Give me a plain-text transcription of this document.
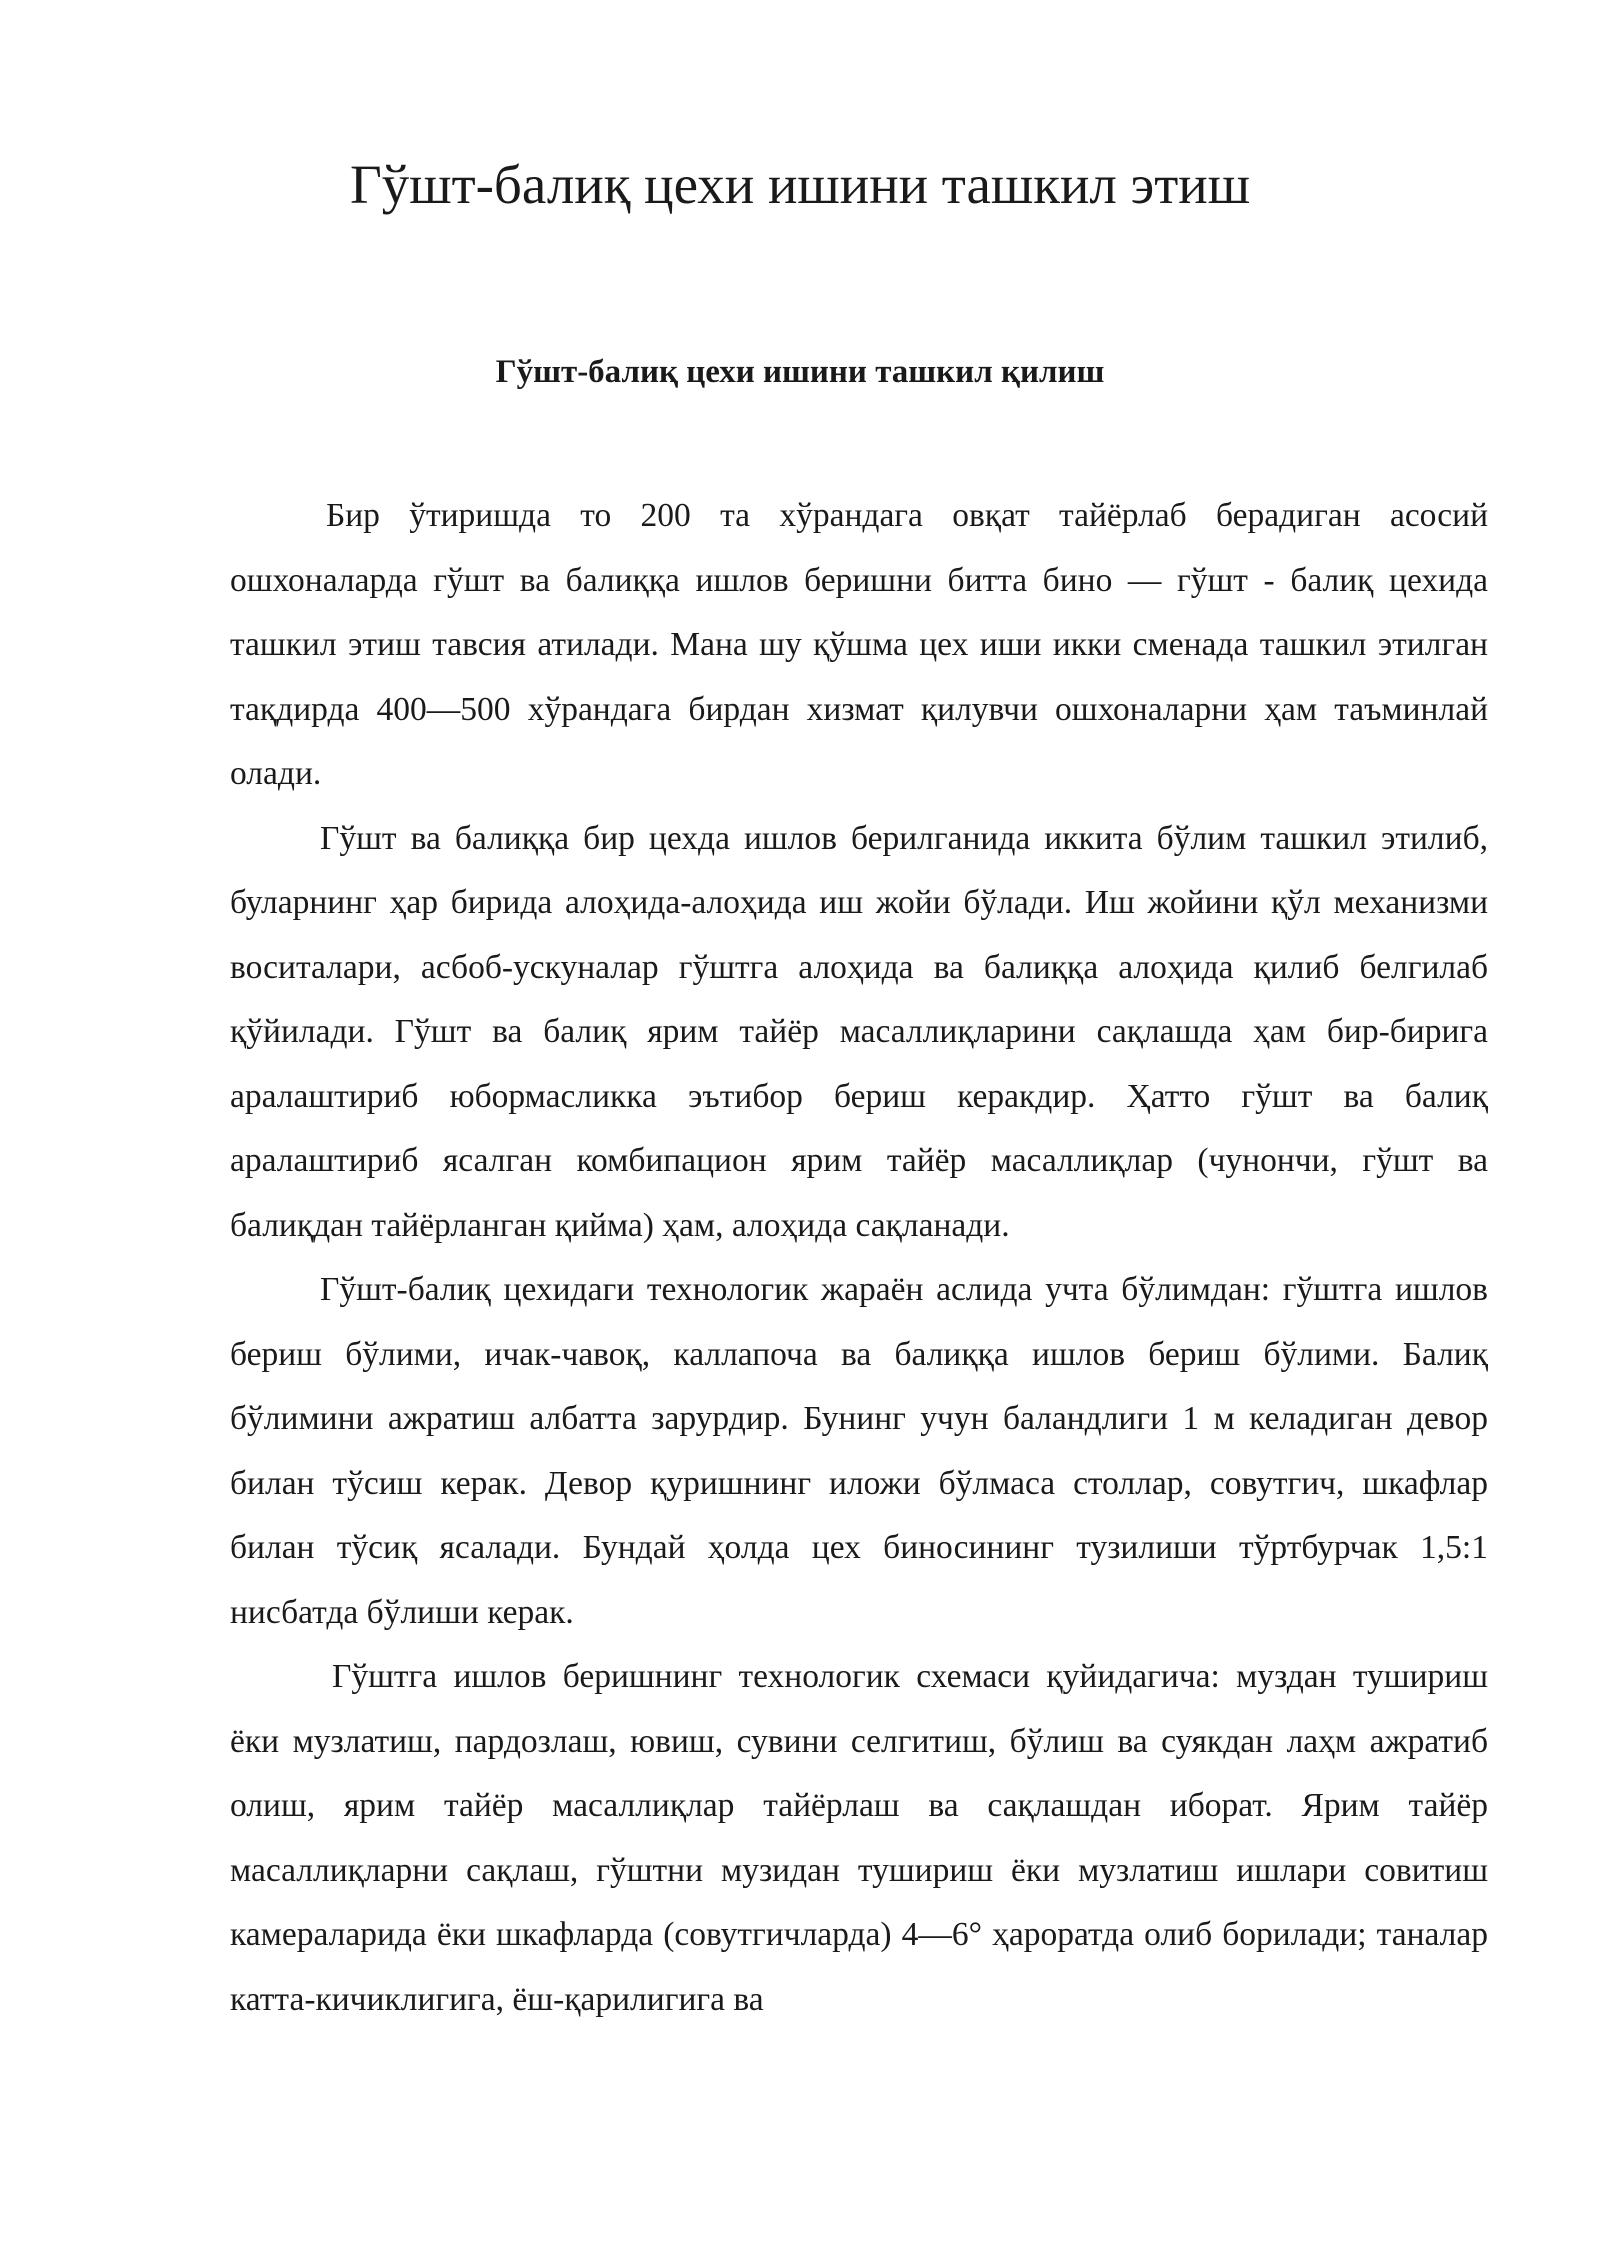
Гўшт-балиқ цехи ишини ташкил этиш
Гўшт-балиқ цехи ишини ташкил қилиш

Бир ўтиришда то 200 та хўрандага овқат тайёрлаб берадиган асосий ошхоналарда гўшт ва балиққа ишлов беришни битта бино — гўшт - балиқ цехида ташкил этиш тавсия атилади. Мана шу қўшма цех иши икки сменада ташкил этилган тақдирда 400—500 хўрандага бирдан хизмат қилувчи ошхоналарни ҳам таъминлай олади.

Гўшт ва балиққа бир цехда ишлов берилганида иккита бўлим ташкил этилиб, буларнинг ҳар бирида алоҳида-алоҳида иш жойи бўлади. Иш жойини қўл механизми воситалари, асбоб-ускуналар гўштга алоҳида ва балиққа алоҳида қилиб белгилаб қўйилади. Гўшт ва балиқ ярим тайёр масаллиқларини сақлашда ҳам бир-бирига аралаштириб юбормасликка эътибор бериш керакдир. Ҳатто гўшт ва балиқ аралаштириб ясалган комбипацион ярим тайёр масаллиқлар (чунончи, гўшт ва балиқдан тайёрланган қийма) ҳам, алоҳида сақланади.

Гўшт-балиқ цехидаги технологик жараён аслида учта бўлимдан: гўштга ишлов бериш бўлими, ичак-чавоқ, каллапоча ва балиққа ишлов бериш бўлими. Балиқ бўлимини ажратиш албатта зарурдир. Бунинг учун баландлиги 1 м келадиган девор билан тўсиш керак. Девор қуришнинг иложи бўлмаса столлар, совутгич, шкафлар билан тўсиқ ясалади. Бундай ҳолда цех биносининг тузилиши тўртбурчак 1,5:1 нисбатда бўлиши керак.

Гўштга ишлов беришнинг технологик схемаси қуйидагича: муздан тушириш ёки музлатиш, пардозлаш, ювиш, сувини селгитиш, бўлиш ва суякдан лаҳм ажратиб олиш, ярим тайёр масаллиқлар тайёрлаш ва сақлашдан иборат. Ярим тайёр масаллиқларни сақлаш, гўштни музидан тушириш ёки музлатиш ишлари совитиш камераларида ёки шкафларда (совутгичларда) 4—6° ҳароратда олиб борилади; таналар катта-кичиклигига, ёш-қарилигига ва
